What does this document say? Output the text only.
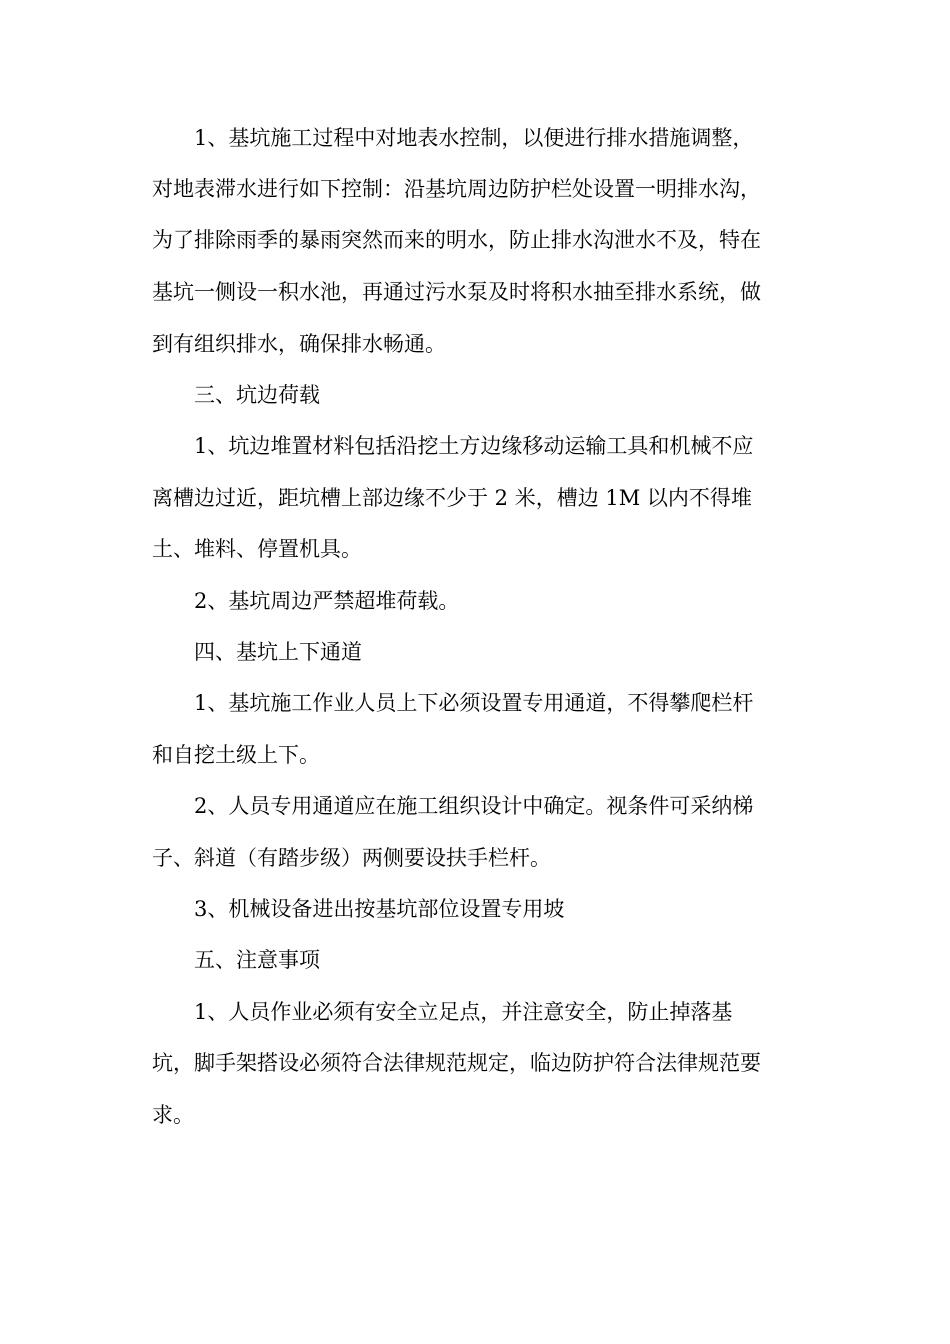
1、基坑施工过程中对地表水控制，以便进行排水措施调整，

对地表滞水进行如下控制：沿基坑周边防护栏处设置一明排水沟，

为了排除雨季的暴雨突然而来的明水，防止排水沟泄水不及，特在

基坑一侧设一积水池，再通过污水泵及时将积水抽至排水系统，做

到有组织排水，确保排水畅通。

三、坑边荷载

1、坑边堆置材料包括沿挖土方边缘移动运输工具和机械不应

离槽边过近，距坑槽上部边缘不少于 2 米，槽边 1M 以内不得堆

土、堆料、停置机具。

2、基坑周边严禁超堆荷载。

四、基坑上下通道

1、基坑施工作业人员上下必须设置专用通道，不得攀爬栏杆

和自挖土级上下。

2、人员专用通道应在施工组织设计中确定。视条件可采纳梯

子、斜道（有踏步级）两侧要设扶手栏杆。

3、机械设备进出按基坑部位设置专用坡

五、注意事项

1、人员作业必须有安全立足点，并注意安全，防止掉落基

坑，脚手架搭设必须符合法律规范规定，临边防护符合法律规范要

求。
